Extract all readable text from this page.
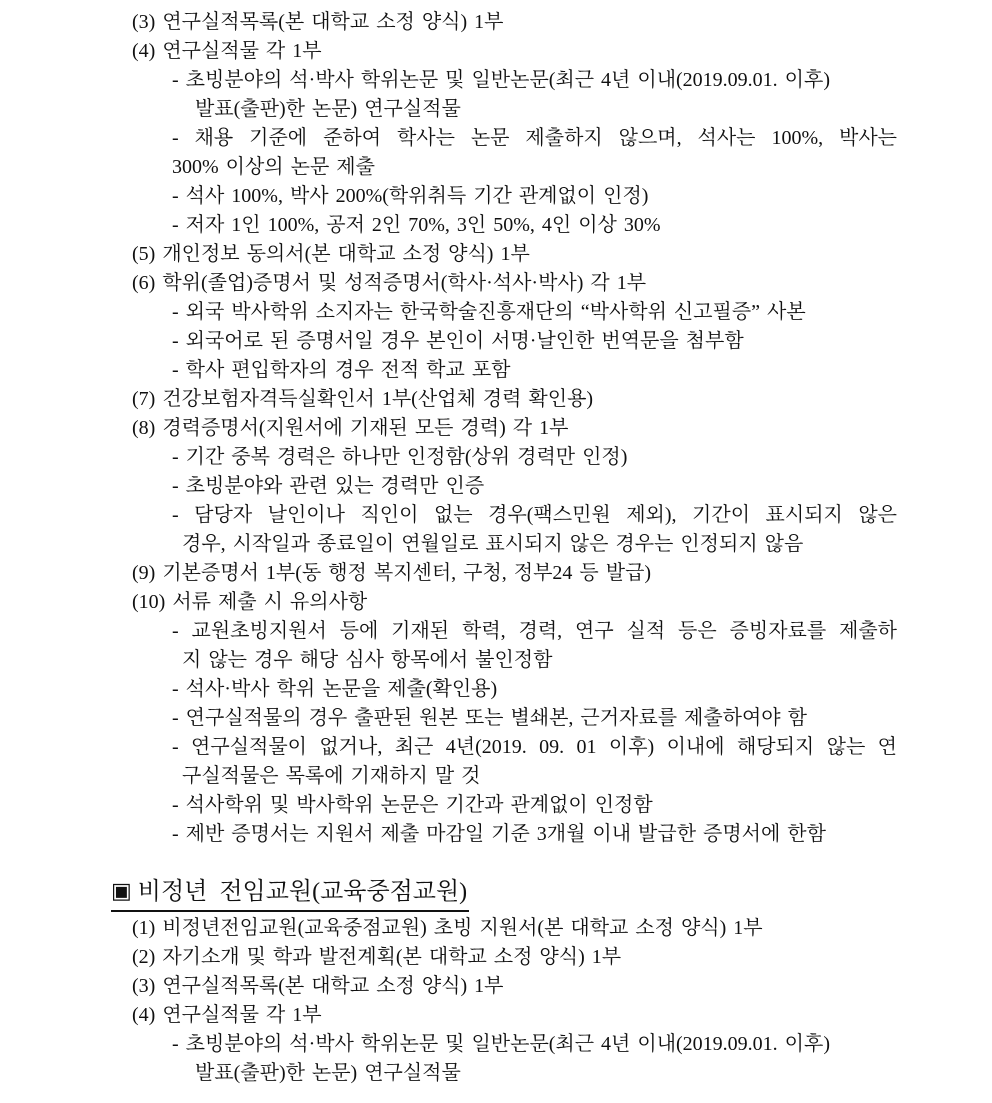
(3) 연구실적목록(본 대학교 소정 양식) 1부
(4) 연구실적물 각 1부
- 초빙분야의 석·박사 학위논문 및 일반논문(최근 4년 이내(2019.09.01. 이후)
발표(출판)한 논문) 연구실적물
- 채용 기준에 준하여 학사는 논문 제출하지 않으며, 석사는 100%, 박사는
300% 이상의 논문 제출
- 석사 100%, 박사 200%(학위취득 기간 관계없이 인정)
- 저자 1인 100%, 공저 2인 70%, 3인 50%, 4인 이상 30%
(5) 개인정보 동의서(본 대학교 소정 양식) 1부
(6) 학위(졸업)증명서 및 성적증명서(학사·석사·박사) 각 1부
- 외국 박사학위 소지자는 한국학술진흥재단의 “박사학위 신고필증” 사본
- 외국어로 된 증명서일 경우 본인이 서명·날인한 번역문을 첨부함
- 학사 편입학자의 경우 전적 학교 포함
(7) 건강보험자격득실확인서 1부(산업체 경력 확인용)
(8) 경력증명서(지원서에 기재된 모든 경력) 각 1부
- 기간 중복 경력은 하나만 인정함(상위 경력만 인정)
- 초빙분야와 관련 있는 경력만 인증
- 담당자 날인이나 직인이 없는 경우(팩스민원 제외), 기간이 표시되지 않은
경우, 시작일과 종료일이 연월일로 표시되지 않은 경우는 인정되지 않음
(9) 기본증명서 1부(동 행정 복지센터, 구청, 정부24 등 발급)
(10) 서류 제출 시 유의사항
- 교원초빙지원서 등에 기재된 학력, 경력, 연구 실적 등은 증빙자료를 제출하
지 않는 경우 해당 심사 항목에서 불인정함
- 석사·박사 학위 논문을 제출(확인용)
- 연구실적물의 경우 출판된 원본 또는 별쇄본, 근거자료를 제출하여야 함
- 연구실적물이 없거나, 최근 4년(2019. 09. 01 이후) 이내에 해당되지 않는 연
구실적물은 목록에 기재하지 말 것
- 석사학위 및 박사학위 논문은 기간과 관계없이 인정함
- 제반 증명서는 지원서 제출 마감일 기준 3개월 이내 발급한 증명서에 한함
▣ 비정년 전임교원(교육중점교원)
(1) 비정년전임교원(교육중점교원) 초빙 지원서(본 대학교 소정 양식) 1부
(2) 자기소개 및 학과 발전계획(본 대학교 소정 양식) 1부
(3) 연구실적목록(본 대학교 소정 양식) 1부
(4) 연구실적물 각 1부
- 초빙분야의 석·박사 학위논문 및 일반논문(최근 4년 이내(2019.09.01. 이후)
발표(출판)한 논문) 연구실적물
